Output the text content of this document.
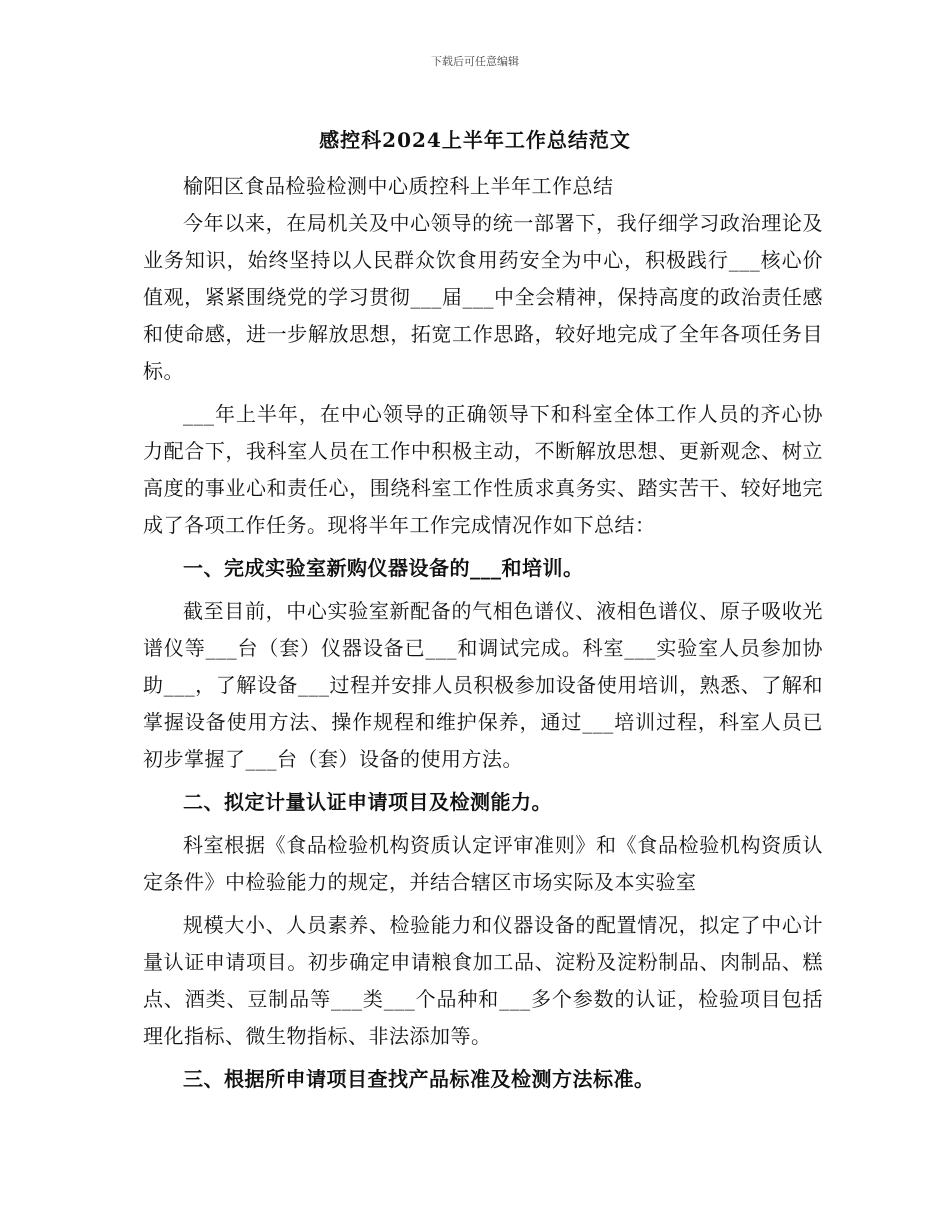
下载后可任意编辑
感控科2024上半年工作总结范文

榆阳区食品检验检测中心质控科上半年工作总结

今年以来，在局机关及中心领导的统一部署下，我仔细学习政治理论及业务知识，始终坚持以人民群众饮食用药安全为中心，积极践行___核心价值观，紧紧围绕党的学习贯彻___届___中全会精神，保持高度的政治责任感和使命感，进一步解放思想，拓宽工作思路，较好地完成了全年各项任务目标。

___年上半年，在中心领导的正确领导下和科室全体工作人员的齐心协力配合下，我科室人员在工作中积极主动，不断解放思想、更新观念、树立高度的事业心和责任心，围绕科室工作性质求真务实、踏实苦干、较好地完成了各项工作任务。现将半年工作完成情况作如下总结：

一、完成实验室新购仪器设备的___和培训。

截至目前，中心实验室新配备的气相色谱仪、液相色谱仪、原子吸收光谱仪等___台（套）仪器设备已___和调试完成。科室___实验室人员参加协助___，了解设备___过程并安排人员积极参加设备使用培训，熟悉、了解和掌握设备使用方法、操作规程和维护保养，通过___培训过程，科室人员已初步掌握了___台（套）设备的使用方法。

二、拟定计量认证申请项目及检测能力。

科室根据《食品检验机构资质认定评审准则》和《食品检验机构资质认定条件》中检验能力的规定，并结合辖区市场实际及本实验室

规模大小、人员素养、检验能力和仪器设备的配置情况，拟定了中心计量认证申请项目。初步确定申请粮食加工品、淀粉及淀粉制品、肉制品、糕点、酒类、豆制品等___类___个品种和___多个参数的认证，检验项目包括理化指标、微生物指标、非法添加等。

三、根据所申请项目查找产品标准及检测方法标准。
